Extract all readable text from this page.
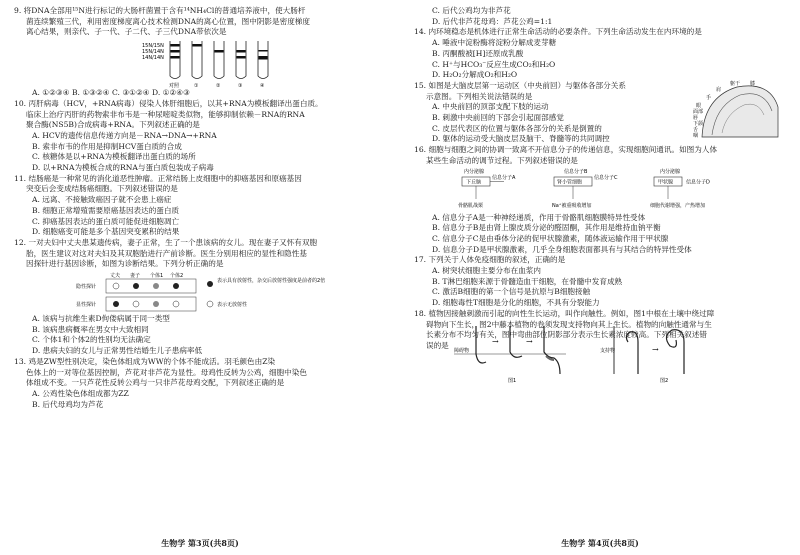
9. 将DNA全部用¹⁵N进行标记的大肠杆菌置于含有¹⁴NH₄Cl的普通培养液中，使大肠杆

菌连续繁殖三代，利用密度梯度离心技术检测DNA的离心位置，图中阴影是密度梯度

离心结果，则亲代、子一代、子二代、子三代DNA带依次是

15N/15N
15N/14N
14N/14N
对照	①	②	③	④

A. ①②③④ B. ①③②④ C. ③①②④ D. ①②④③

10. 丙肝病毒（HCV，+RNA病毒）侵染人体肝细胞后，以其+RNA为模板翻译出蛋白质。

临床上治疗丙肝的药物索非布韦是一种尿嘧啶类似物，能够抑制依赖－RNA的RNA

聚合酶(NS5B)合成病毒+RNA。下列叙述正确的是

A. HCV的遗传信息传递方向是－RNA→DNA→+RNA

B. 索非布韦的作用是抑制HCV蛋白质的合成

C. 核糖体是以+RNA为模板翻译出蛋白质的场所

D. 以+RNA为模板合成的RNA与蛋白质包装成子病毒

11. 结肠癌是一种常见的消化道恶性肿瘤。正常结肠上皮细胞中的抑癌基因和原癌基因

突变后会变成结肠癌细胞。下列叙述错误的是

A. 远离、不接触致癌因子就不会患上癌症

B. 细胞正常增殖需要原癌基因表达的蛋白质

C. 抑癌基因表达的蛋白质可能促进细胞凋亡

D. 细胞癌变可能是多个基因突变累积的结果

12. 一对夫妇中丈夫患某遗传病，妻子正常，生了一个患该病的女儿。现在妻子又怀有双胞

胎，医生建议对这对夫妇及其双胞胎进行产前诊断。医生分别用相应的显性和隐性基

因探针进行基因诊断，如图为诊断结果。下列分析正确的是

丈夫 妻子 个体1 个体2
隐性探针
显性探针
表示具有放射性，杂交后放射性强度是前者的2倍
表示无放射性

A. 该病与抗维生素D佝偻病属于同一类型

B. 该病患病概率在男女中大致相同

C. 个体1和个体2的性别均无法确定

D. 患病夫妇的女儿与正常男性结婚生儿子患病率低

13. 鸡是ZW型性别决定，染色体组成为WW的个体不能成活。羽毛颜色由Z染

色体上的一对等位基因控制，芦花对非芦花为显性。母鸡性反转为公鸡，细胞中染色

体组成不变。一只芦花性反转公鸡与一只非芦花母鸡交配，下列叙述正确的是

A. 公鸡性染色体组成都为ZZ

B. 后代母鸡均为芦花

生物学 第3页(共8页)

C. 后代公鸡均为非芦花

D. 后代非芦花母鸡：芦花公鸡=1:1

14. 内环境稳态是机体进行正常生命活动的必要条件。下列生命活动发生在内环境的是

A. 唾液中淀粉酶将淀粉分解成麦芽糖

B. 丙酮酸被[H]还原成乳酸

C. H⁺与HCO₃⁻反应生成CO₂和H₂O

D. H₂O₂分解成O₂和H₂O

15. 如图是大脑皮层第一运动区（中央前回）与躯体各部分关系

示意图。下列相关说法错误的是

A. 中央前回的顶部支配下肢的运动

B. 刺激中央前回的下部会引起面部感觉

C. 皮层代表区的位置与躯体各部分的关系是倒置的

D. 躯体的运动受大脑皮层及脑干、脊髓等的共同调控

躯干 膝
肩
手
眼
面部
唇
下颌
舌
咽

16. 细胞与细胞之间的协调一致离不开信息分子的传递信息，实现细胞间通讯。如图为人体

某些生命活动的调节过程。下列叙述错误的是

内分泌腺
下丘脑
信息分子A
骨骼肌战栗
信息分子B
肾小管细胞
信息分子C
Na⁺被重吸收增加
内分泌腺
甲状腺	信息分子D
细胞代谢增强，产热增加

A. 信息分子A是一种神经递质，作用于骨骼肌细胞膜特异性受体

B. 信息分子B是由肾上腺皮质分泌的醛固酮，其作用是维持血钠平衡

C. 信息分子C是由垂体分泌的促甲状腺激素，随体液运输作用于甲状腺

D. 信息分子D是甲状腺激素，几乎全身细胞表面都具有与其结合的特异性受体

17. 下列关于人体免疫细胞的叙述，正确的是

A. 树突状细胞主要分布在血浆内

B. T淋巴细胞来源于骨髓造血干细胞，在骨髓中发育成熟

C. 激活B细胞的第一个信号是抗原与B细胞接触

D. 细胞毒性T细胞是分化的细胞，不具有分裂能力

18. 植物因接触刺激而引起的向性生长运动，叫作向触性。例如，图1中根在土壤中绕过障

碍物向下生长，图2中藤本植物的卷须发现支持物向其上生长。植物的向触性通常与生

长素分布不均匀有关，图中弯曲部位阴影部分表示生长素浓度较高。下列相关叙述错

误的是

障碍物
→	→
图1
支持物	→
图2
生物学 第4页(共8页)
